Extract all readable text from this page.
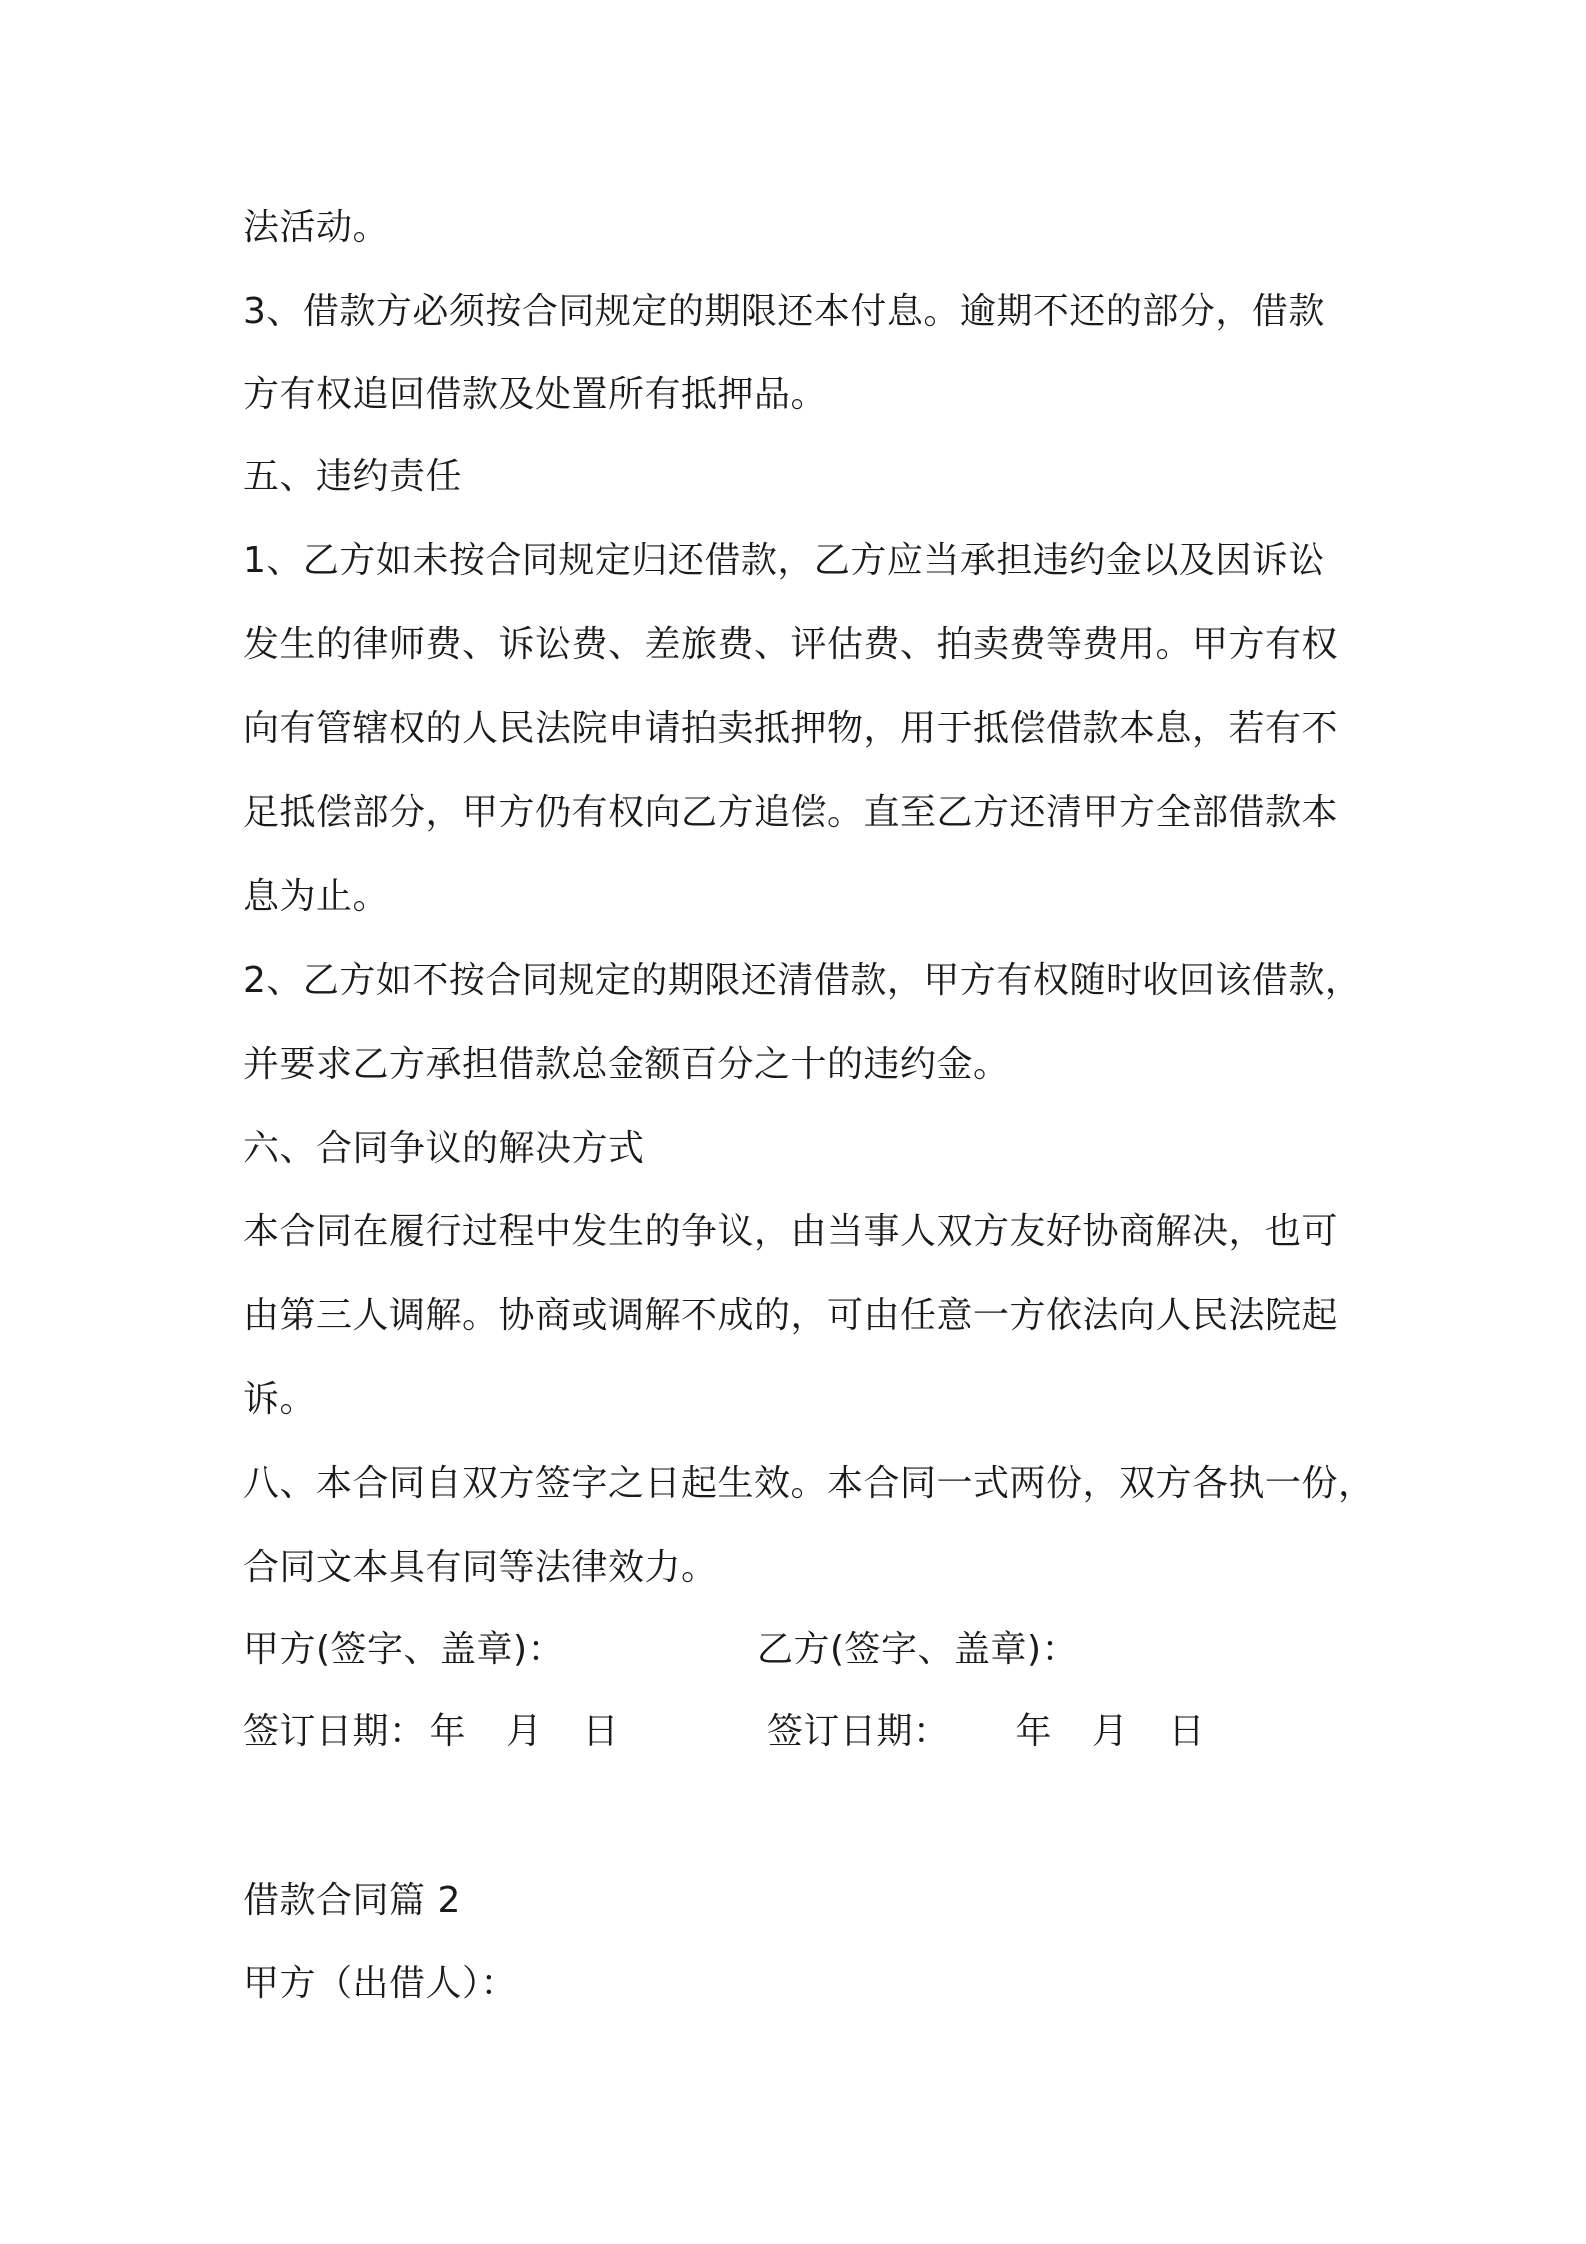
法活动。
3、借款方必须按合同规定的期限还本付息。逾期不还的部分，借款
方有权追回借款及处置所有抵押品。
五、违约责任
1、乙方如未按合同规定归还借款，乙方应当承担违约金以及因诉讼
发生的律师费、诉讼费、差旅费、评估费、拍卖费等费用。甲方有权
向有管辖权的人民法院申请拍卖抵押物，用于抵偿借款本息，若有不
足抵偿部分，甲方仍有权向乙方追偿。直至乙方还清甲方全部借款本
息为止。
2、乙方如不按合同规定的期限还清借款，甲方有权随时收回该借款，
并要求乙方承担借款总金额百分之十的违约金。
六、合同争议的解决方式
本合同在履行过程中发生的争议，由当事人双方友好协商解决，也可
由第三人调解。协商或调解不成的，可由任意一方依法向人民法院起
诉。
八、本合同自双方签字之日起生效。本合同一式两份，双方各执一份，
合同文本具有同等法律效力。
甲方(签字、盖章)：	乙方(签字、盖章)：
签订日期： 年 月 日	签订日期： 年 月 日
借款合同篇 2
甲方（出借人）：
